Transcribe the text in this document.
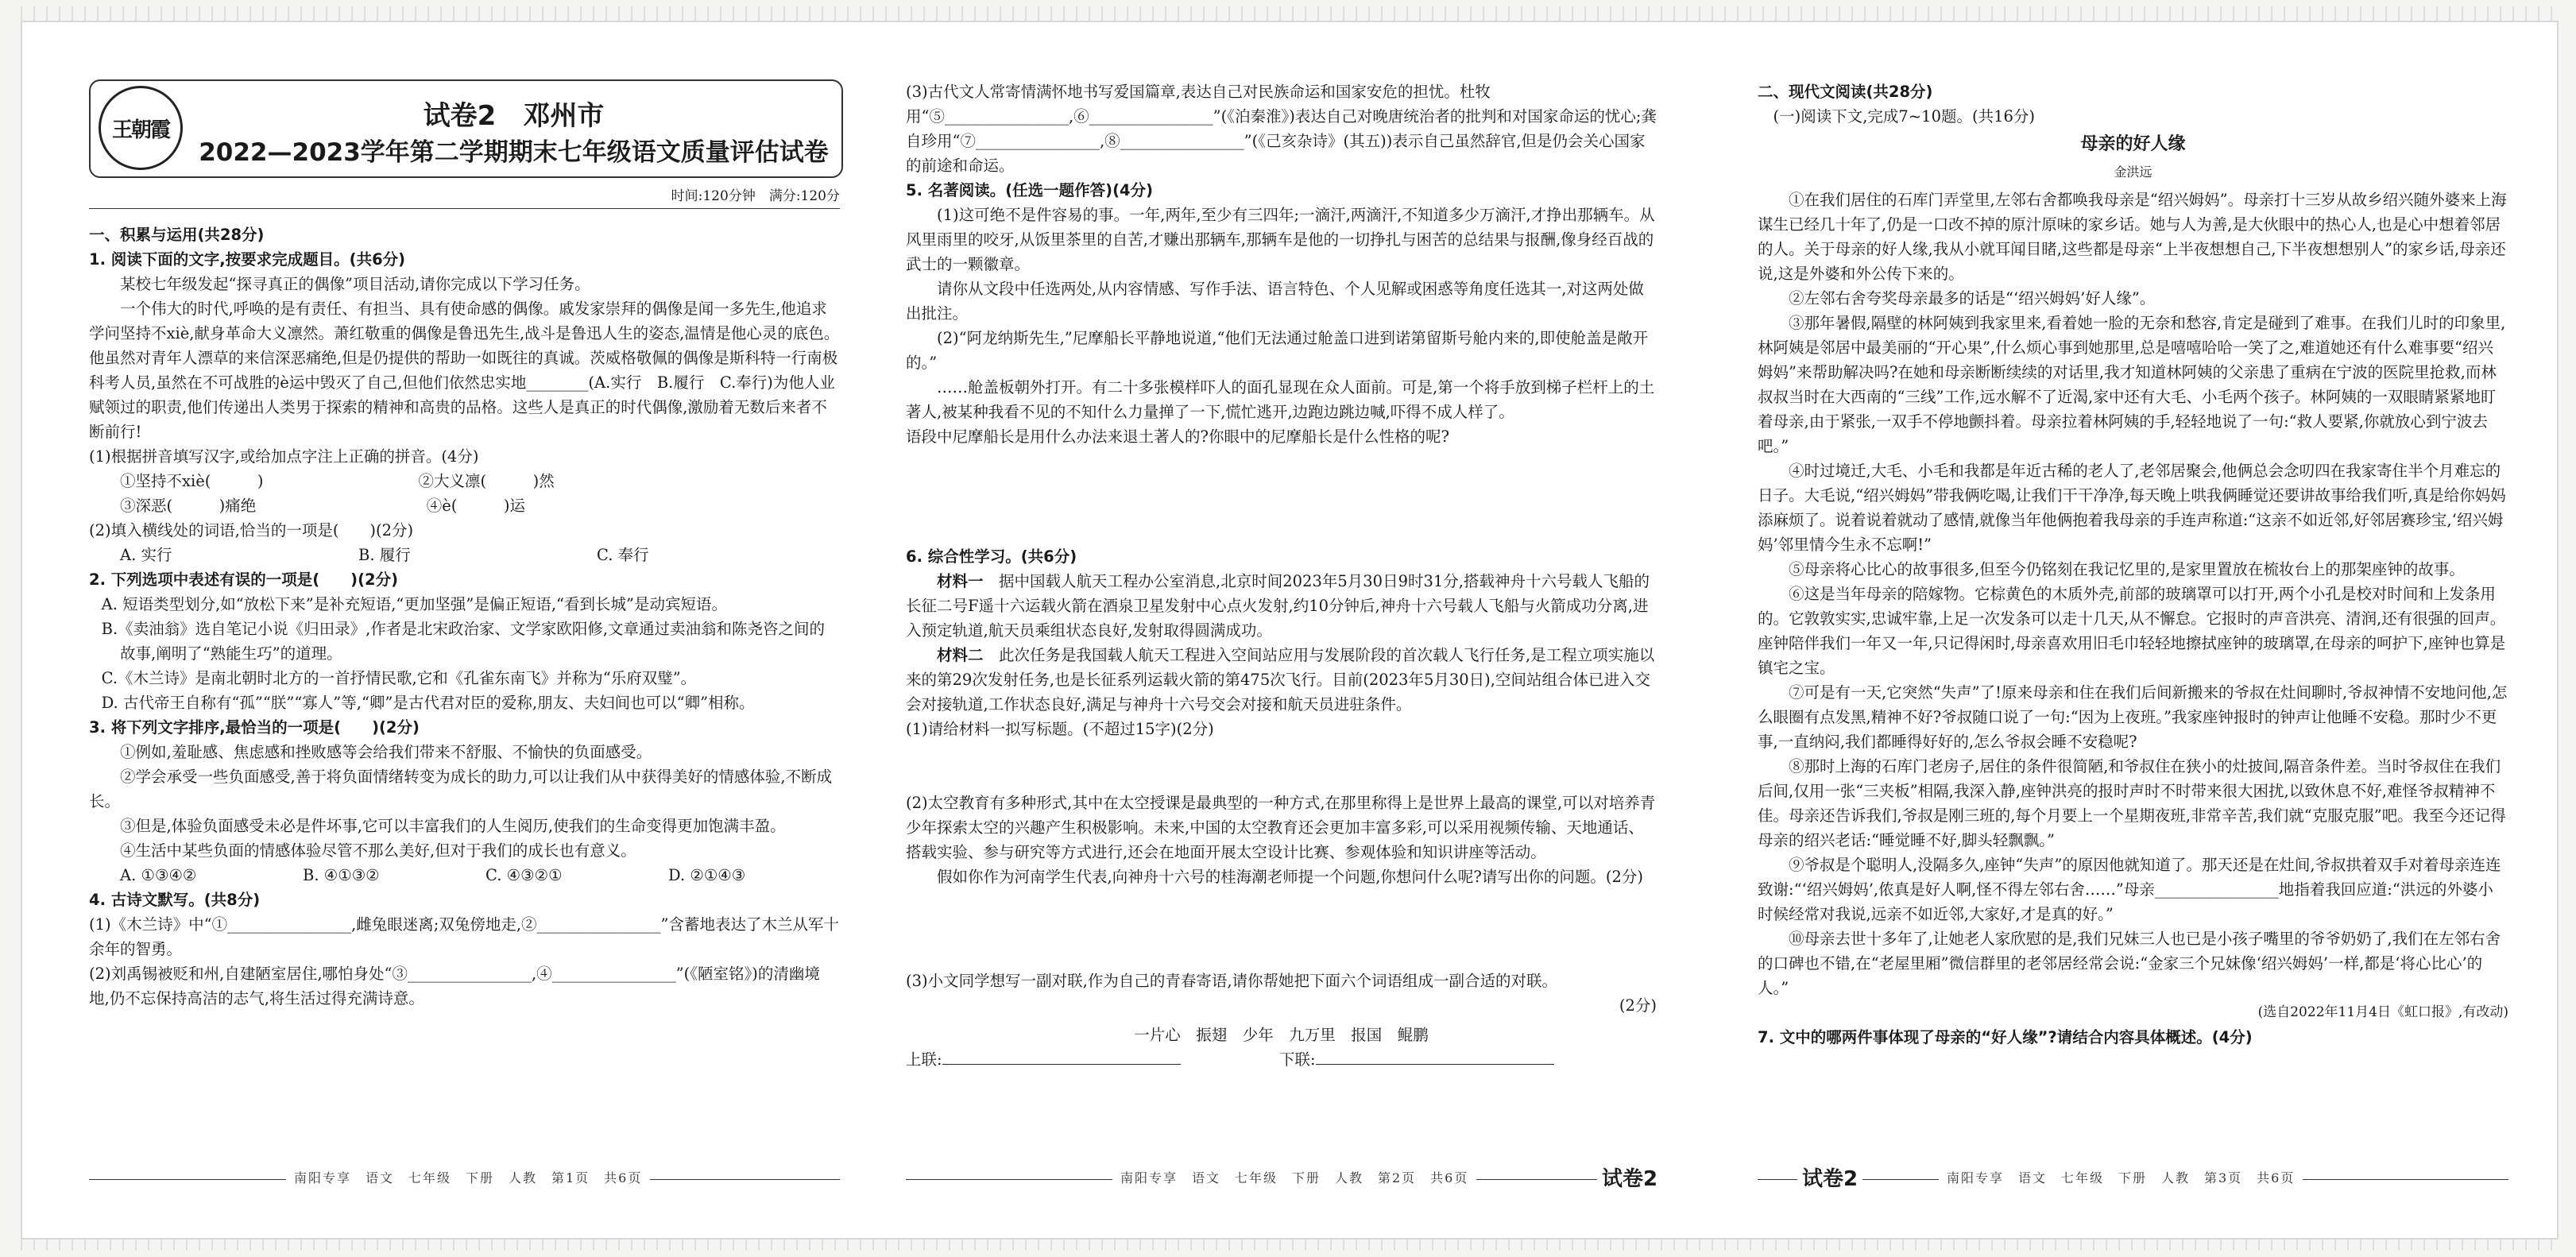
王朝霞	试卷2　邓州市
2022—2023学年第二学期期末七年级语文质量评估试卷
时间:120分钟　满分:120分

一、积累与运用(共28分)

1. 阅读下面的文字,按要求完成题目。(共6分)

某校七年级发起“探寻真正的偶像”项目活动,请你完成以下学习任务。

一个伟大的时代,呼唤的是有责任、有担当、具有使命感的偶像。戚发家崇拜的偶像是闻一多先生,他追求学问坚持不xiè,献身革命大义凛然。萧红敬重的偶像是鲁迅先生,战斗是鲁迅人生的姿态,温情是他心灵的底色。他虽然对青年人漂草的来信深恶痛绝,但是仍提供的帮助一如既往的真诚。茨威格敬佩的偶像是斯科特一行南极科考人员,虽然在不可战胜的è运中毁灭了自己,但他们依然忠实地________(A.实行　B.履行　C.奉行)为他人业赋领过的职责,他们传递出人类男于探索的精神和高贵的品格。这些人是真正的时代偶像,激励着无数后来者不断前行!

(1)根据拼音填写汉字,或给加点字注上正确的拼音。(4分)

①坚持不xiè(　　　)　　　　　　　　　　②大义凛(　　　)然

③深恶(　　　)痛绝　　　　　　　　　　　④è(　　　)运

(2)填入横线处的词语,恰当的一项是(　　)(2分)

A. 实行	B. 履行	C. 奉行

2. 下列选项中表述有误的一项是(　　)(2分)

A. 短语类型划分,如“放松下来”是补充短语,“更加坚强”是偏正短语,“看到长城”是动宾短语。

B.《卖油翁》选自笔记小说《归田录》,作者是北宋政治家、文学家欧阳修,文章通过卖油翁和陈尧咨之间的故事,阐明了“熟能生巧”的道理。

C.《木兰诗》是南北朝时北方的一首抒情民歌,它和《孔雀东南飞》并称为“乐府双璧”。

D. 古代帝王自称有“孤”“朕”“寡人”等,“卿”是古代君对臣的爱称,朋友、夫妇间也可以“卿”相称。

3. 将下列文字排序,最恰当的一项是(　　)(2分)

①例如,羞耻感、焦虑感和挫败感等会给我们带来不舒服、不愉快的负面感受。

②学会承受一些负面感受,善于将负面情绪转变为成长的助力,可以让我们从中获得美好的情感体验,不断成长。

③但是,体验负面感受未必是件坏事,它可以丰富我们的人生阅历,使我们的生命变得更加饱满丰盈。

④生活中某些负面的情感体验尽管不那么美好,但对于我们的成长也有意义。

A. ①③④②	B. ④①③②	C. ④③②①	D. ②①④③

4. 古诗文默写。(共8分)

(1)《木兰诗》中“①________________,雌兔眼迷离;双兔傍地走,②________________”含蓄地表达了木兰从军十余年的智勇。

(2)刘禹锡被贬和州,自建陋室居住,哪怕身处“③________________,④________________”(《陋室铭》)的清幽境地,仍不忘保持高洁的志气,将生活过得充满诗意。

(3)古代文人常寄情满怀地书写爱国篇章,表达自己对民族命运和国家安危的担忧。杜牧用“⑤________________,⑥________________”(《泊秦淮》)表达自己对晚唐统治者的批判和对国家命运的忧心;龚自珍用“⑦________________,⑧________________”(《己亥杂诗》(其五))表示自己虽然辞官,但是仍会关心国家的前途和命运。

5. 名著阅读。(任选一题作答)(4分)

(1)这可绝不是件容易的事。一年,两年,至少有三四年;一滴汗,两滴汗,不知道多少万滴汗,才挣出那辆车。从风里雨里的咬牙,从饭里茶里的自苦,才赚出那辆车,那辆车是他的一切挣扎与困苦的总结果与报酬,像身经百战的武士的一颗徽章。

请你从文段中任选两处,从内容情感、写作手法、语言特色、个人见解或困惑等角度任选其一,对这两处做出批注。

(2)“阿龙纳斯先生,”尼摩船长平静地说道,“他们无法通过舱盖口进到诺第留斯号舱内来的,即使舱盖是敞开的。”

……舱盖板朝外打开。有二十多张模样吓人的面孔显现在众人面前。可是,第一个将手放到梯子栏杆上的土著人,被某种我看不见的不知什么力量掸了一下,慌忙逃开,边跑边跳边喊,吓得不成人样了。

语段中尼摩船长是用什么办法来退土著人的?你眼中的尼摩船长是什么性格的呢?

6. 综合性学习。(共6分)

材料一　 据中国载人航天工程办公室消息,北京时间2023年5月30日9时31分,搭载神舟十六号载人飞船的长征二号F遥十六运载火箭在酒泉卫星发射中心点火发射,约10分钟后,神舟十六号载人飞船与火箭成功分离,进入预定轨道,航天员乘组状态良好,发射取得圆满成功。

材料二　 此次任务是我国载人航天工程进入空间站应用与发展阶段的首次载人飞行任务,是工程立项实施以来的第29次发射任务,也是长征系列运载火箭的第475次飞行。目前(2023年5月30日),空间站组合体已进入交会对接轨道,工作状态良好,满足与神舟十六号交会对接和航天员进驻条件。

(1)请给材料一拟写标题。(不超过15字)(2分)

(2)太空教育有多种形式,其中在太空授课是最典型的一种方式,在那里称得上是世界上最高的课堂,可以对培养青少年探索太空的兴趣产生积极影响。未来,中国的太空教育还会更加丰富多彩,可以采用视频传输、天地通话、搭载实验、参与研究等方式进行,还会在地面开展太空设计比赛、参观体验和知识讲座等活动。

假如你作为河南学生代表,向神舟十六号的桂海潮老师提一个问题,你想问什么呢?请写出你的问题。(2分)

(3)小文同学想写一副对联,作为自己的青春寄语,请你帮她把下面六个词语组成一副合适的对联。

(2分)

一片心　振翅　少年　九万里　报国　鲲鹏

上联:	下联:

二、现代文阅读(共28分)

(一)阅读下文,完成7~10题。(共16分)

母亲的好人缘

金洪远

①在我们居住的石库门弄堂里,左邻右舍都唤我母亲是“绍兴姆妈”。母亲打十三岁从故乡绍兴随外婆来上海谋生已经几十年了,仍是一口改不掉的原汁原味的家乡话。她与人为善,是大伙眼中的热心人,也是心中想着邻居的人。关于母亲的好人缘,我从小就耳闻目睹,这些都是母亲“上半夜想想自己,下半夜想想别人”的家乡话,母亲还说,这是外婆和外公传下来的。

②左邻右舍夸奖母亲最多的话是“‘绍兴姆妈’好人缘”。

③那年暑假,隔壁的林阿姨到我家里来,看着她一脸的无奈和愁容,肯定是碰到了难事。在我们儿时的印象里,林阿姨是邻居中最美丽的“开心果”,什么烦心事到她那里,总是嘻嘻哈哈一笑了之,难道她还有什么难事要“绍兴姆妈”来帮助解决吗?在她和母亲断断续续的对话里,我才知道林阿姨的父亲患了重病在宁波的医院里抢救,而林叔叔当时在大西南的“三线”工作,远水解不了近渴,家中还有大毛、小毛两个孩子。林阿姨的一双眼睛紧紧地盯着母亲,由于紧张,一双手不停地颤抖着。母亲拉着林阿姨的手,轻轻地说了一句:“救人要紧,你就放心到宁波去吧。”

④时过境迁,大毛、小毛和我都是年近古稀的老人了,老邻居聚会,他俩总会念叨四在我家寄住半个月难忘的日子。大毛说,“绍兴姆妈”带我俩吃喝,让我们干干净净,每天晚上哄我俩睡觉还要讲故事给我们听,真是给你妈妈添麻烦了。说着说着就动了感情,就像当年他俩抱着我母亲的手连声称道:“这亲不如近邻,好邻居赛珍宝,‘绍兴姆妈’邻里情今生永不忘啊!”

⑤母亲将心比心的故事很多,但至今仍铭刻在我记忆里的,是家里置放在梳妆台上的那架座钟的故事。

⑥这是当年母亲的陪嫁物。它棕黄色的木质外壳,前部的玻璃罩可以打开,两个小孔是校对时间和上发条用的。它敦敦实实,忠诚牢靠,上足一次发条可以走十几天,从不懈怠。它报时的声音洪亮、清润,还有很强的回声。座钟陪伴我们一年又一年,只记得闲时,母亲喜欢用旧毛巾轻轻地擦拭座钟的玻璃罩,在母亲的呵护下,座钟也算是镇宅之宝。

⑦可是有一天,它突然“失声”了!原来母亲和住在我们后间新搬来的爷叔在灶间聊时,爷叔神情不安地问他,怎么眼圈有点发黑,精神不好?爷叔随口说了一句:“因为上夜班。”我家座钟报时的钟声让他睡不安稳。那时少不更事,一直纳闷,我们都睡得好好的,怎么爷叔会睡不安稳呢?

⑧那时上海的石库门老房子,居住的条件很简陋,和爷叔住在狭小的灶披间,隔音条件差。当时爷叔住在我们后间,仅用一张“三夹板”相隔,我深入静,座钟洪亮的报时声时不时带来很大困扰,以致休息不好,难怪爷叔精神不佳。母亲还告诉我们,爷叔是刚三班的,每个月要上一个星期夜班,非常辛苦,我们就“克服克服”吧。我至今还记得母亲的绍兴老话:“睡觉睡不好,脚头轻飘飘。”

⑨爷叔是个聪明人,没隔多久,座钟“失声”的原因他就知道了。那天还是在灶间,爷叔拱着双手对着母亲连连致谢:“‘绍兴姆妈’,侬真是好人啊,怪不得左邻右舍……”母亲________________地指着我回应道:“洪远的外婆小时候经常对我说,远亲不如近邻,大家好,才是真的好。”

⑩母亲去世十多年了,让她老人家欣慰的是,我们兄妹三人也已是小孩子嘴里的爷爷奶奶了,我们在左邻右舍的口碑也不错,在“老屋里厢”微信群里的老邻居经常会说:“金家三个兄妹像‘绍兴姆妈’一样,都是‘将心比心’的人。”

(选自2022年11月4日《虹口报》,有改动)

7. 文中的哪两件事体现了母亲的“好人缘”?请结合内容具体概述。(4分)

南阳专享　语文　七年级　下册　人教　第1页　共6页	南阳专享　语文　七年级　下册　人教　第2页　共6页	试卷2	试卷2	南阳专享　语文　七年级　下册　人教　第3页　共6页
